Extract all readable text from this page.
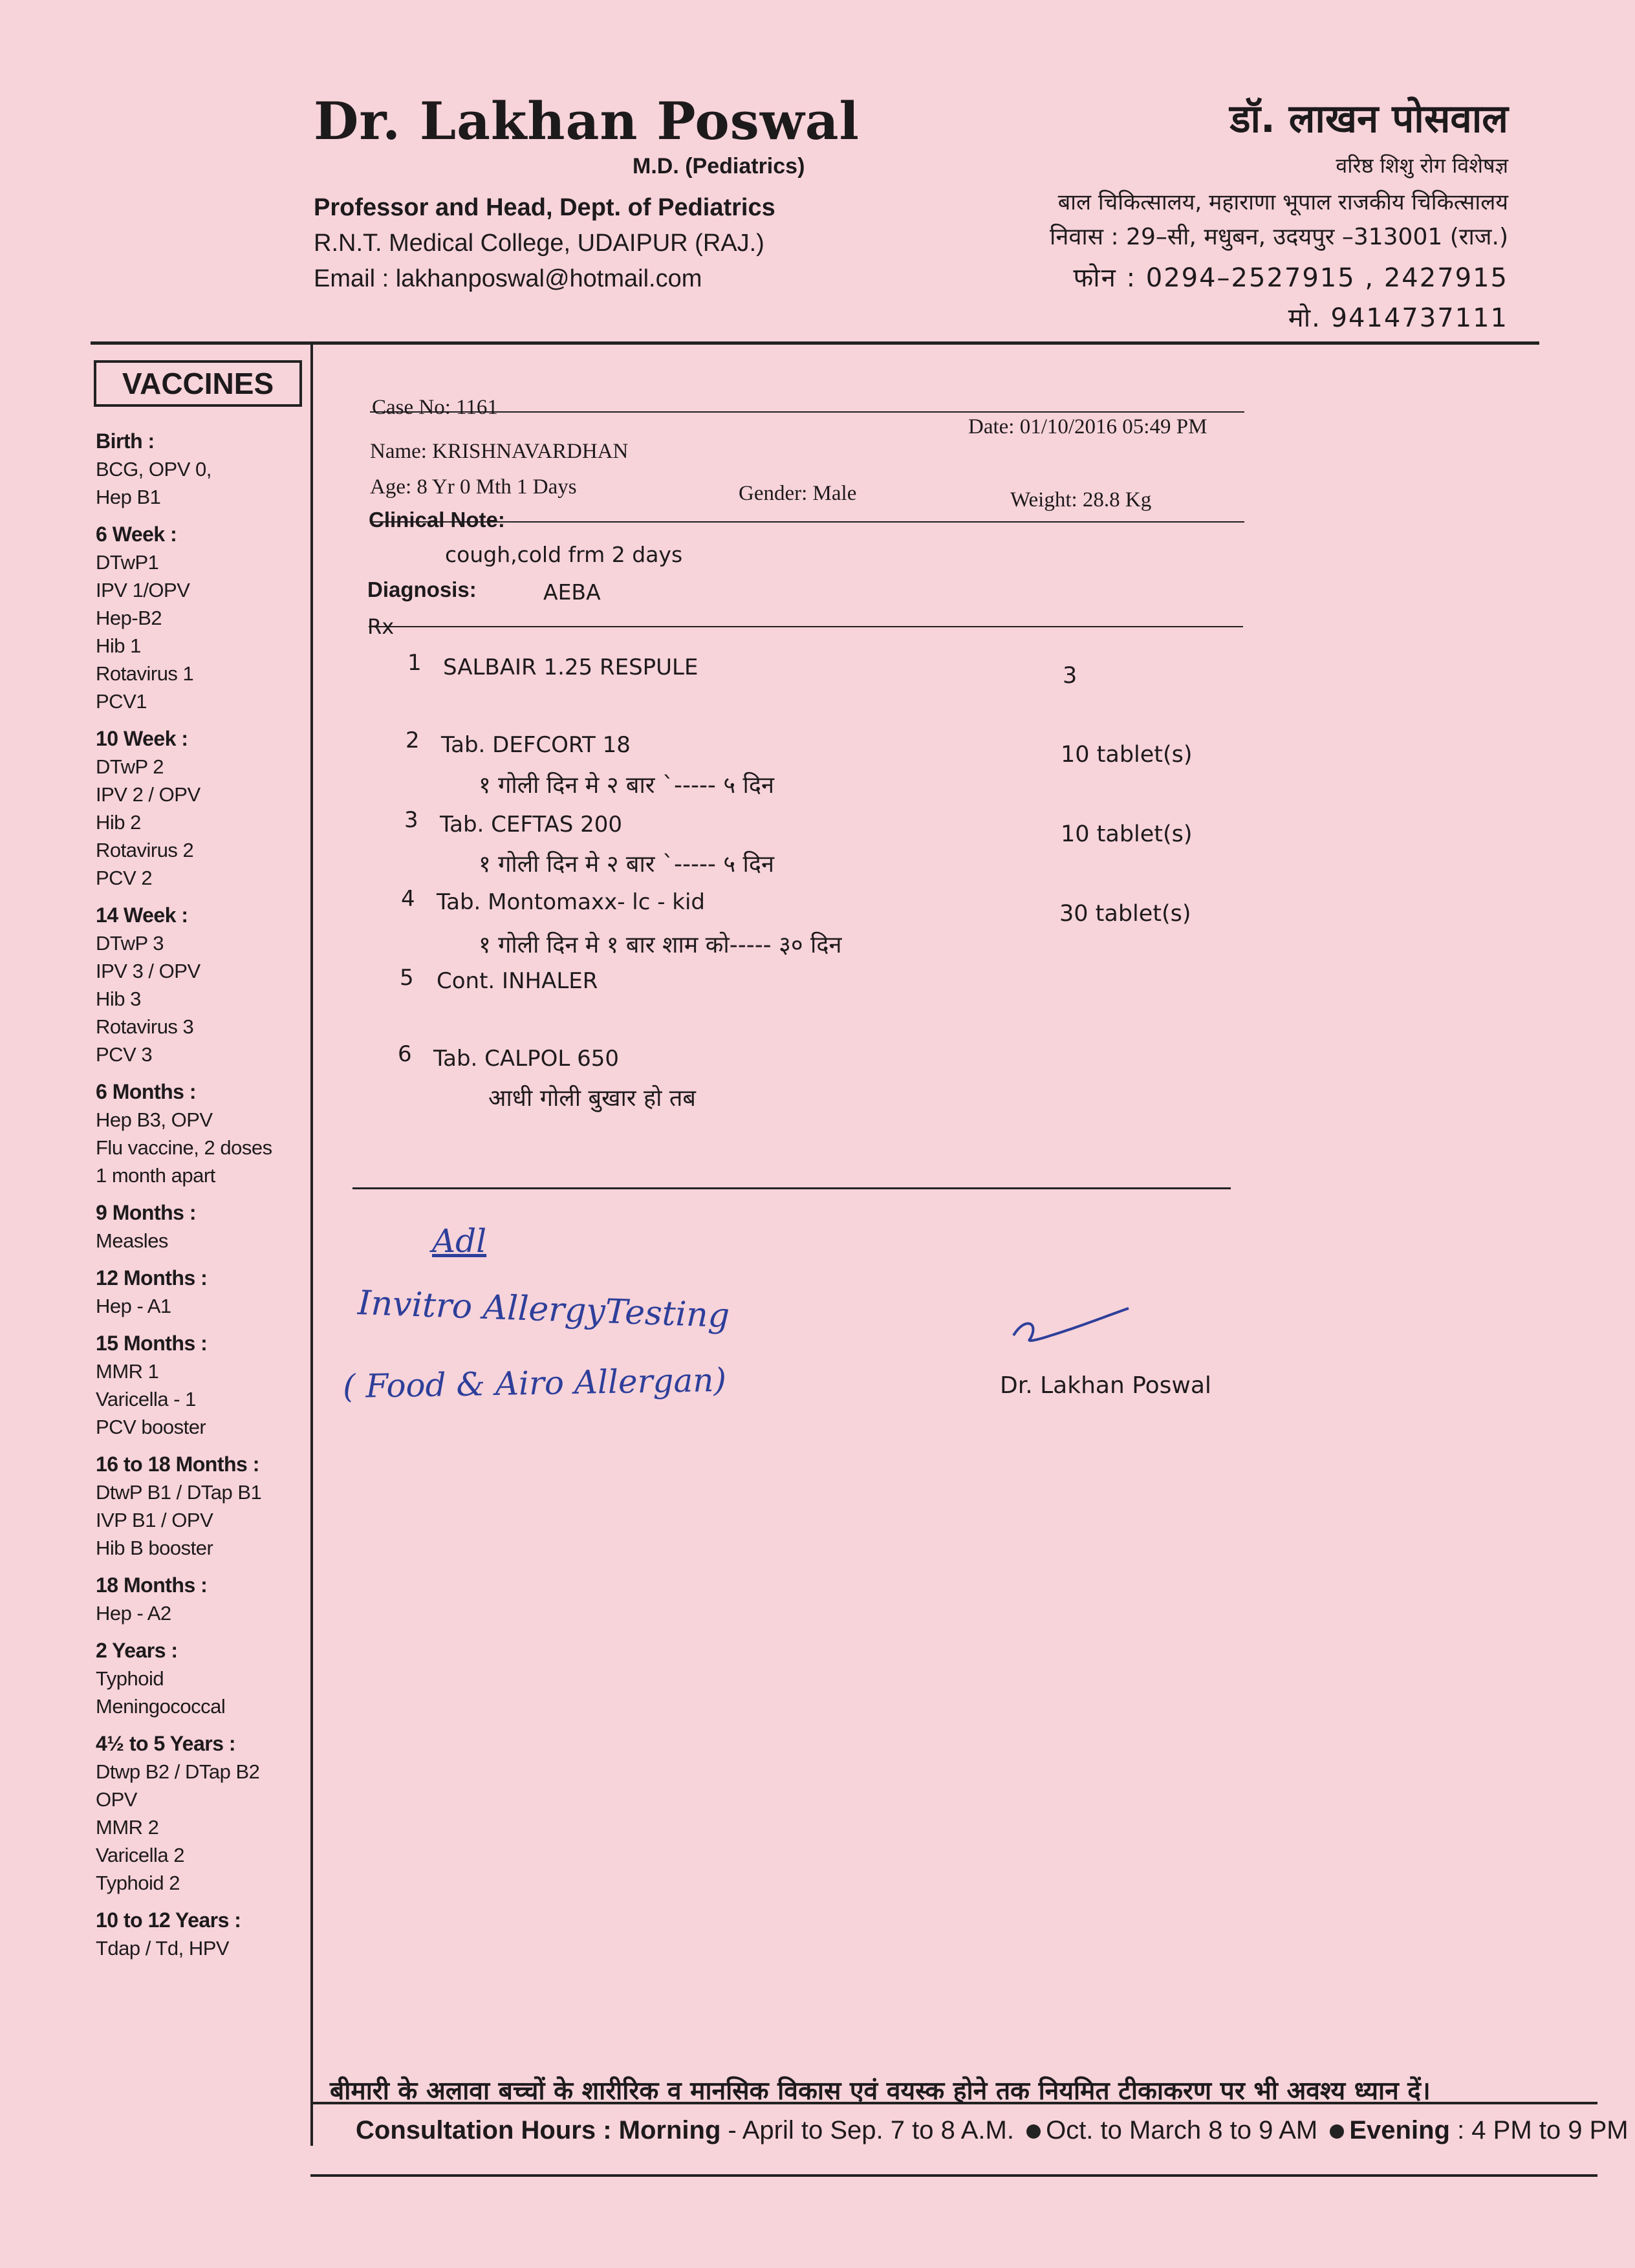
Dr. Lakhan Poswal
M.D. (Pediatrics)
Professor and Head, Dept. of Pediatrics
R.N.T. Medical College, UDAIPUR (RAJ.)
Email : lakhanposwal@hotmail.com
डॉ. लाखन पोसवाल
वरिष्ठ शिशु रोग विशेषज्ञ
बाल चिकित्सालय, महाराणा भूपाल राजकीय चिकित्सालय
निवास : 29–सी, मधुबन, उदयपुर –313001 (राज.)
फोन : 0294–2527915 , 2427915
मो. 9414737111
VACCINES
Birth :
BCG, OPV 0,
Hep B1
6 Week :
DTwP1
IPV 1/OPV
Hep-B2
Hib 1
Rotavirus 1
PCV1
10 Week :
DTwP 2
IPV 2 / OPV
Hib 2
Rotavirus 2
PCV 2
14 Week :
DTwP 3
IPV 3 / OPV
Hib 3
Rotavirus 3
PCV 3
6 Months :
Hep B3, OPV
Flu vaccine, 2 doses
1 month apart
9 Months :
Measles
12 Months :
Hep - A1
15 Months :
MMR 1
Varicella - 1
PCV booster
16 to 18 Months :
DtwP B1 / DTap B1
IVP B1 / OPV
Hib B booster
18 Months :
Hep - A2
2 Years :
Typhoid
Meningococcal
4½ to 5 Years :
Dtwp B2 / DTap B2
OPV
MMR 2
Varicella 2
Typhoid 2
10 to 12 Years :
Tdap / Td, HPV
Case No: 1161
Date: 01/10/2016 05:49 PM
Name: KRISHNAVARDHAN
Age: 8 Yr 0 Mth 1 Days	Gender: Male	Weight: 28.8 Kg
Clinical Note:
cough,cold frm 2 days
Diagnosis:	AEBA
Rx
1 SALBAIR 1.25 RESPULE	3
2 Tab. DEFCORT 18	10 tablet(s)
१ गोली दिन मे २ बार `----- ५ दिन
3 Tab. CEFTAS 200	10 tablet(s)
१ गोली दिन मे २ बार `----- ५ दिन
4 Tab. Montomaxx- lc - kid	30 tablet(s)
१ गोली दिन मे १ बार शाम को----- ३० दिन
5 Cont. INHALER
6 Tab. CALPOL 650
आधी गोली बुखार हो तब
Adl
Invitro AllergyTesting
( Food & Airo Allergan)	Dr. Lakhan Poswal
बीमारी के अलावा बच्चों के शारीरिक व मानसिक विकास एवं वयस्क होने तक नियमित टीकाकरण पर भी अवश्य ध्यान दें।
Consultation Hours : Morning - April to Sep. 7 to 8 A.M. Oct. to March 8 to 9 AM Evening : 4 PM to 9 PM
